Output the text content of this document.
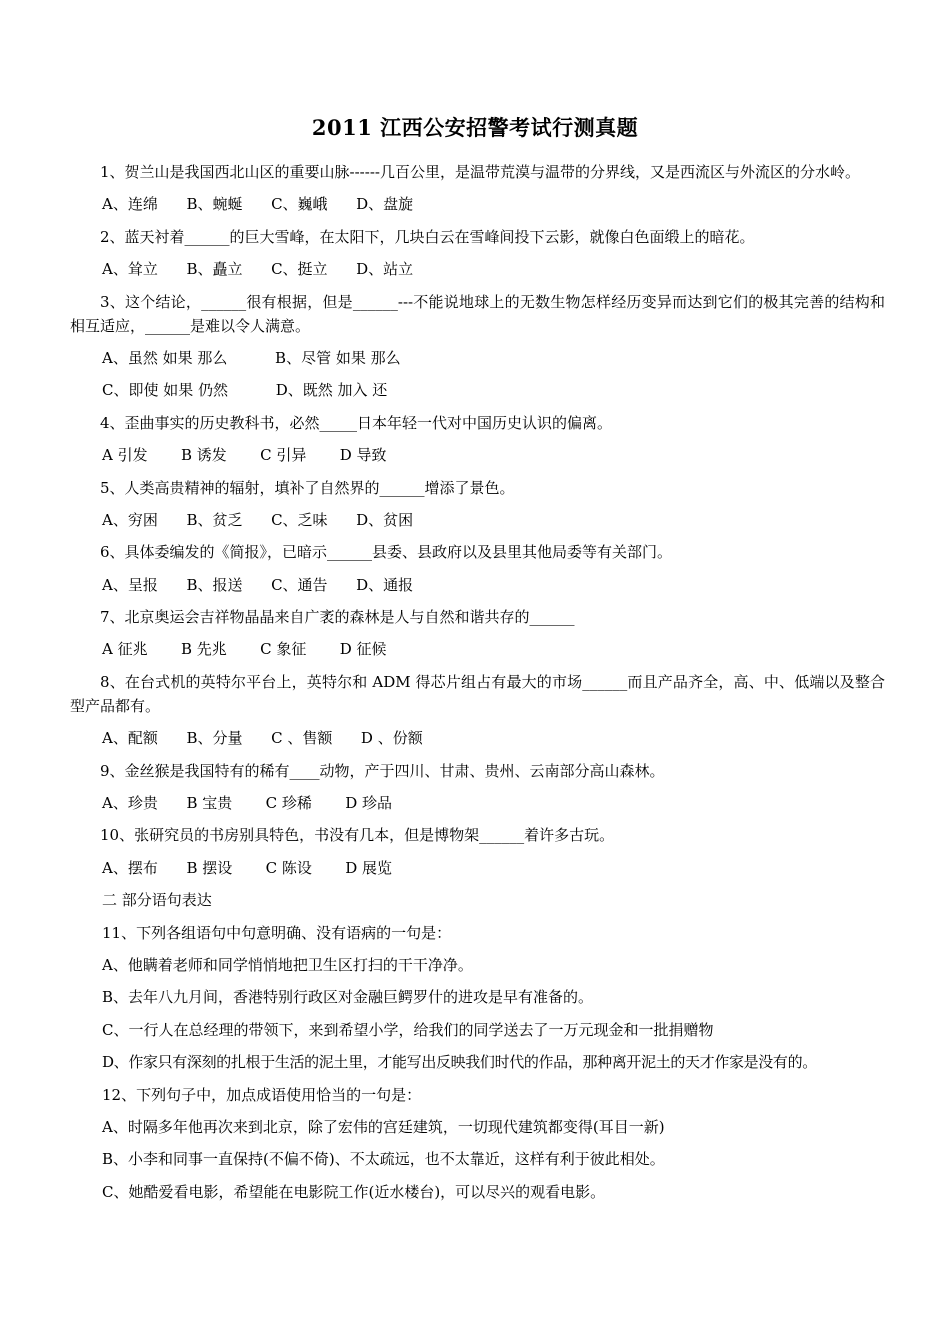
2011 江西公安招警考试行测真题

1、贺兰山是我国西北山区的重要山脉------几百公里，是温带荒漠与温带的分界线，又是西流区与外流区的分水岭。

A、连绵      B、蜿蜒      C、巍峨      D、盘旋

2、蓝天衬着______的巨大雪峰，在太阳下，几块白云在雪峰间投下云影，就像白色面缎上的暗花。

A、耸立      B、矗立      C、挺立      D、站立

3、这个结论，______很有根据，但是______---不能说地球上的无数生物怎样经历变异而达到它们的极其完善的结构和相互适应，______是难以令人满意。

A、虽然 如果 那么          B、尽管 如果 那么

C、即使 如果 仍然          D、既然 加入 还

4、歪曲事实的历史教科书，必然_____日本年轻一代对中国历史认识的偏离。

A 引发       B 诱发       C 引异       D 导致

5、人类高贵精神的辐射，填补了自然界的______增添了景色。

A、穷困      B、贫乏      C、乏味      D、贫困

6、具体委编发的《简报》，已暗示______县委、县政府以及县里其他局委等有关部门。

A、呈报      B、报送      C、通告      D、通报

7、北京奥运会吉祥物晶晶来自广袤的森林是人与自然和谐共存的______

A 征兆       B 先兆       C 象征       D 征候

8、在台式机的英特尔平台上，英特尔和 ADM 得芯片组占有最大的市场______而且产品齐全，高、中、低端以及整合型产品都有。

A、配额      B、分量      C 、售额      D 、份额

9、金丝猴是我国特有的稀有____动物，产于四川、甘肃、贵州、云南部分高山森林。

A、珍贵      B 宝贵       C 珍稀       D 珍品

10、张研究员的书房别具特色，书没有几本，但是博物架______着许多古玩。

A、摆布      B 摆设       C 陈设       D 展览

二 部分语句表达

11、下列各组语句中句意明确、没有语病的一句是：

A、他瞒着老师和同学悄悄地把卫生区打扫的干干净净。

B、去年八九月间，香港特别行政区对金融巨鳄罗什的进攻是早有准备的。

C、一行人在总经理的带领下，来到希望小学，给我们的同学送去了一万元现金和一批捐赠物

D、作家只有深刻的扎根于生活的泥土里，才能写出反映我们时代的作品，那种离开泥土的天才作家是没有的。

12、下列句子中，加点成语使用恰当的一句是：

A、时隔多年他再次来到北京，除了宏伟的宫廷建筑，一切现代建筑都变得(耳目一新)

B、小李和同事一直保持(不偏不倚)、不太疏远，也不太靠近，这样有利于彼此相处。

C、她酷爱看电影，希望能在电影院工作(近水楼台)，可以尽兴的观看电影。
